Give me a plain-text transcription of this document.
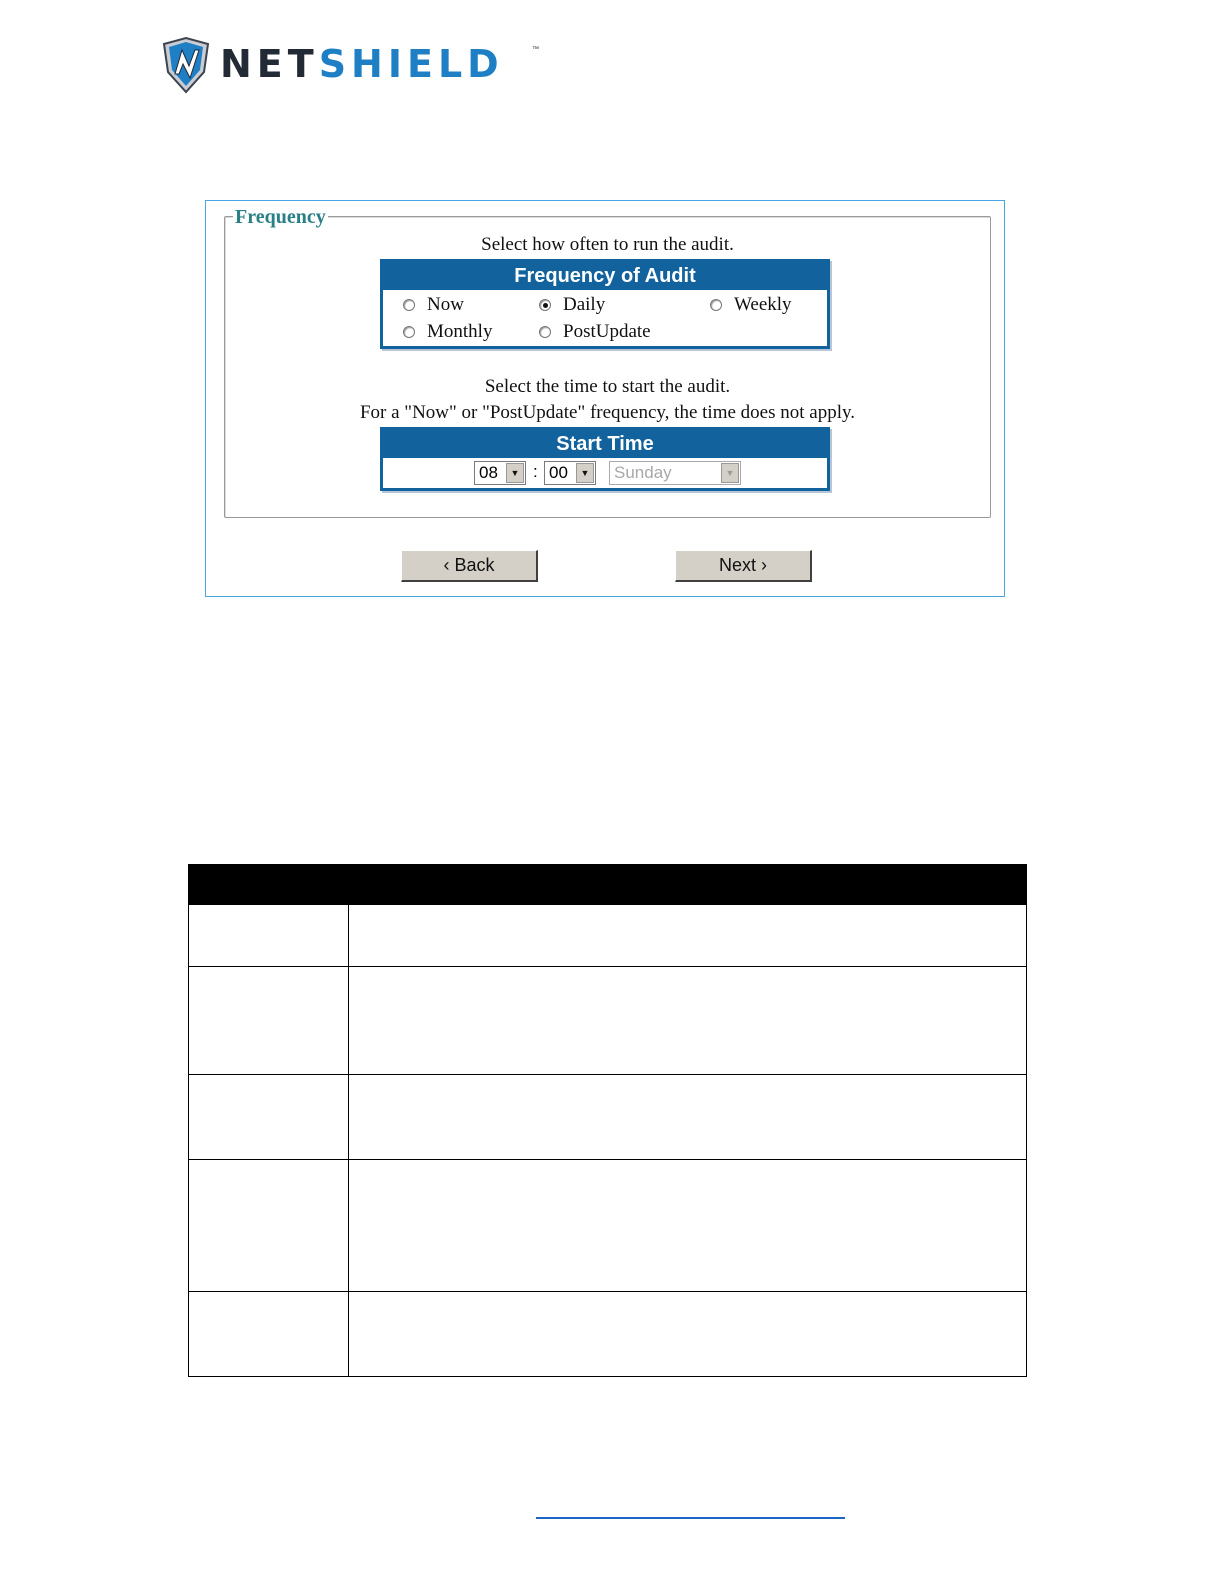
NETSHIELD	™
Frequency
Select how often to run the audit.
Frequency of Audit
Now	Daily	Weekly
Monthly	PostUpdate
Select the time to start the audit.
For a "Now" or "PostUpdate" frequency, the time does not apply.
Start Time
08	▼ : 00	▼ Sunday	▼
‹ Back	Next ›
